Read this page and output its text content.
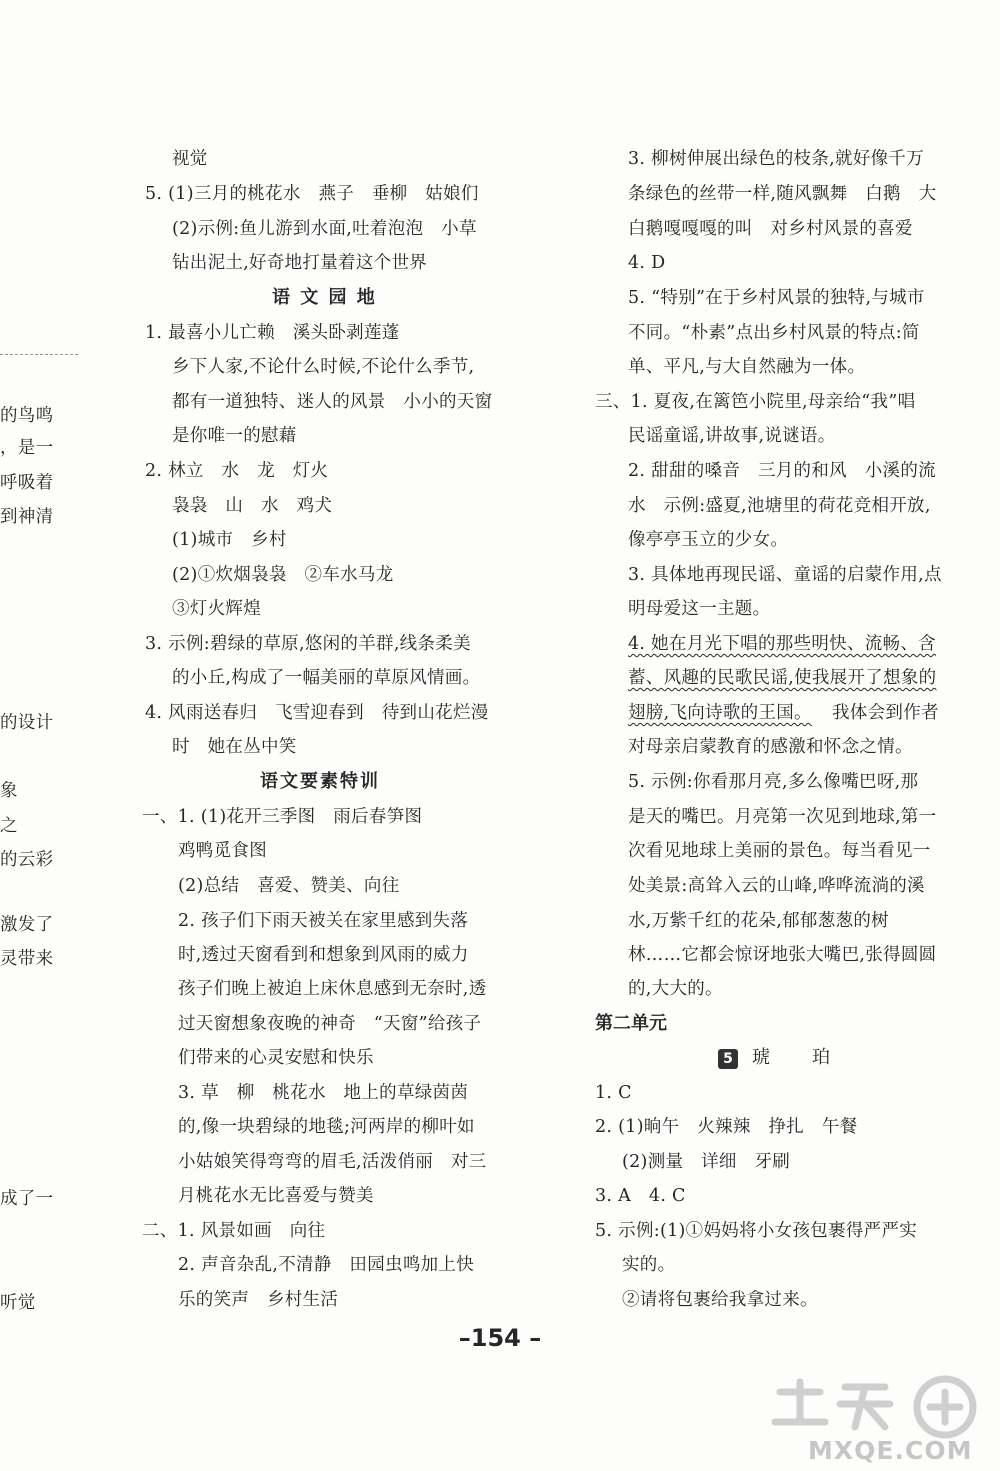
的鸟鸣
，是一
呼吸着
到神清
的设计
象
之
的云彩
激发了
灵带来
成了一
听觉
视觉
5. (1)三月的桃花水　燕子　垂柳　姑娘们
(2)示例:鱼儿游到水面,吐着泡泡　小草
钻出泥土,好奇地打量着这个世界
语 文 园 地
1. 最喜小儿亡赖　溪头卧剥莲蓬
乡下人家,不论什么时候,不论什么季节,
都有一道独特、迷人的风景　小小的天窗
是你唯一的慰藉
2. 林立　水　龙　灯火
袅袅　山　水　鸡犬
(1)城市　乡村
(2)①炊烟袅袅　②车水马龙
③灯火辉煌
3. 示例:碧绿的草原,悠闲的羊群,线条柔美
的小丘,构成了一幅美丽的草原风情画。
4. 风雨送春归　飞雪迎春到　待到山花烂漫
时　她在丛中笑
语文要素特训
一、1. (1)花开三季图　雨后春笋图
鸡鸭觅食图
(2)总结　喜爱、赞美、向往
2. 孩子们下雨天被关在家里感到失落
时,透过天窗看到和想象到风雨的威力
孩子们晚上被迫上床休息感到无奈时,透
过天窗想象夜晚的神奇　“天窗”给孩子
们带来的心灵安慰和快乐
3. 草　柳　桃花水　地上的草绿茵茵
的,像一块碧绿的地毯;河两岸的柳叶如
小姑娘笑得弯弯的眉毛,活泼俏丽　对三
月桃花水无比喜爱与赞美
二、1. 风景如画　向往
2. 声音杂乱,不清静　田园虫鸣加上快
乐的笑声　乡村生活
3. 柳树伸展出绿色的枝条,就好像千万
条绿色的丝带一样,随风飘舞　白鹅　大
白鹅嘎嘎嘎的叫　对乡村风景的喜爱
4. D
5. “特别”在于乡村风景的独特,与城市
不同。“朴素”点出乡村风景的特点:简
单、平凡,与大自然融为一体。
三、1. 夏夜,在篱笆小院里,母亲给“我”唱
民谣童谣,讲故事,说谜语。
2. 甜甜的嗓音　三月的和风　小溪的流
水　示例:盛夏,池塘里的荷花竞相开放,
像亭亭玉立的少女。
3. 具体地再现民谣、童谣的启蒙作用,点
明母爱这一主题。
4. 她在月光下唱的那些明快、流畅、含
蓄、风趣的民歌民谣,使我展开了想象的
翅膀,飞向诗歌的王国。 我体会到作者
对母亲启蒙教育的感激和怀念之情。
5. 示例:你看那月亮,多么像嘴巴呀,那
是天的嘴巴。月亮第一次见到地球,第一
次看见地球上美丽的景色。每当看见一
处美景:高耸入云的山峰,哗哗流淌的溪
水,万紫千红的花朵,郁郁葱葱的树
林……它都会惊讶地张大嘴巴,张得圆圆
的,大大的。
第二单元
5 琥　　珀
1. C
2. (1)晌午　火辣辣　挣扎　午餐
(2)测量　详细　牙刷
3. A　4. C
5. 示例:(1)①妈妈将小女孩包裹得严严实
实的。
②请将包裹给我拿过来。
–154 –
MXQE.COM
